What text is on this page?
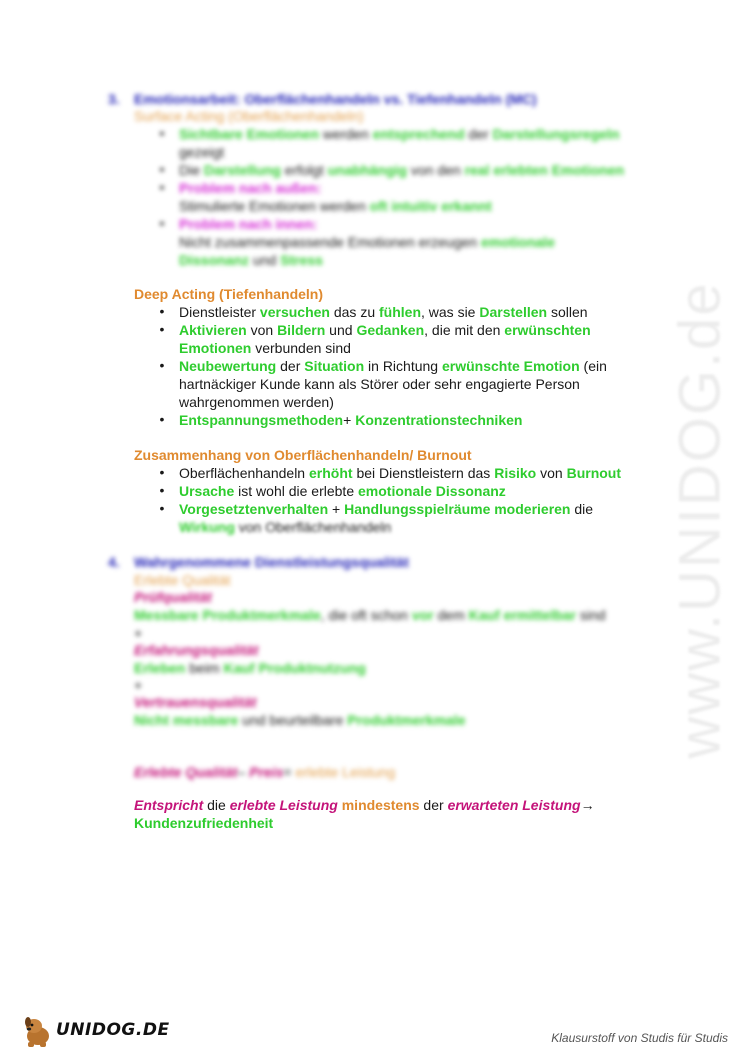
www.UNIDOG.de
3. Emotionsarbeit: Oberflächenhandeln vs. Tiefenhandeln (MC)
Surface Acting (Oberflächenhandeln)
• Sichtbare Emotionen werden entsprechend der Darstellungsregeln
gezeigt
• Die Darstellung erfolgt unabhängig von den real erlebten Emotionen
• Problem nach außen:
Stimulierte Emotionen werden oft intuitiv erkannt
• Problem nach innen:
Nicht zusammenpassende Emotionen erzeugen emotionale
Dissonanz und Stress
Deep Acting (Tiefenhandeln)
• Dienstleister versuchen das zu fühlen, was sie Darstellen sollen
• Aktivieren von Bildern und Gedanken, die mit den erwünschten
Emotionen verbunden sind
• Neubewertung der Situation in Richtung erwünschte Emotion (ein
hartnäckiger Kunde kann als Störer oder sehr engagierte Person
wahrgenommen werden)
• Entspannungsmethoden+ Konzentrationstechniken
Zusammenhang von Oberflächenhandeln/ Burnout
• Oberflächenhandeln erhöht bei Dienstleistern das Risiko von Burnout
• Ursache ist wohl die erlebte emotionale Dissonanz
• Vorgesetztenverhalten + Handlungsspielräume moderieren die
Wirkung von Oberflächenhandeln
4. Wahrgenommene Dienstleistungsqualität
Erlebte Qualität
Prüfqualität
Messbare Produktmerkmale, die oft schon vor dem Kauf ermittelbar sind
+
Erfahrungsqualität
Erleben beim Kauf Produktnutzung
+
Vertrauensqualität
Nicht messbare und beurteilbare Produktmerkmale
Erlebte Qualität– Preis= erlebte Leistung
Entspricht die erlebte Leistung mindestens der erwarteten Leistung→
Kundenzufriedenheit
UNIDOG.DE	Klausurstoff von Studis für Studis
